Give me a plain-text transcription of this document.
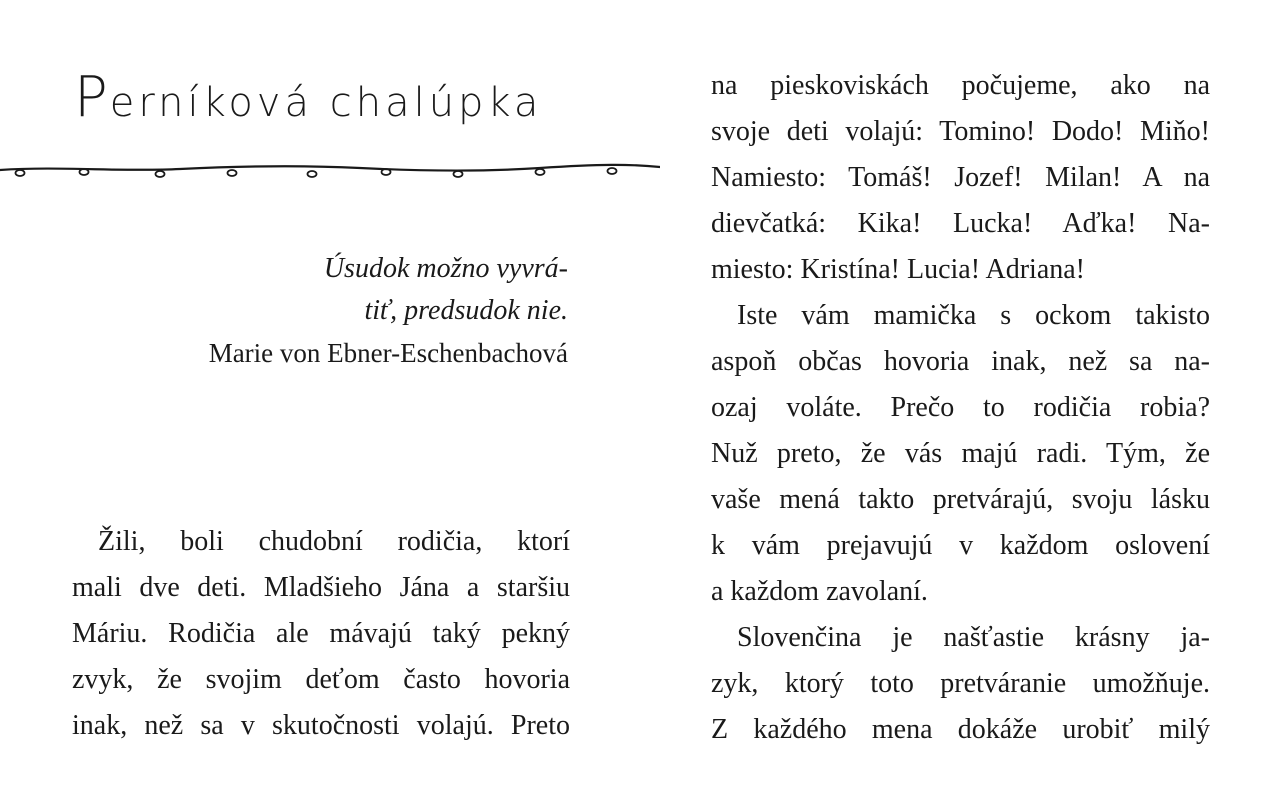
Perníková chalúpka
Úsudok možno vyvrá-
tiť, predsudok nie.
Marie von Ebner-Eschenbachová
Žili, boli chudobní rodičia, ktorí
mali dve deti. Mladšieho Jána a staršiu
Máriu. Rodičia ale mávajú taký pekný
zvyk, že svojim deťom často hovoria
inak, než sa v skutočnosti volajú. Preto
na pieskoviskách počujeme, ako na
svoje deti volajú: Tomino! Dodo! Miňo!
Namiesto: Tomáš! Jozef! Milan! A na
dievčatká: Kika! Lucka! Aďka! Na-
miesto: Kristína! Lucia! Adriana!
Iste vám mamička s ockom takisto
aspoň občas hovoria inak, než sa na-
ozaj voláte. Prečo to rodičia robia?
Nuž preto, že vás majú radi. Tým, že
vaše mená takto pretvárajú, svoju lásku
k vám prejavujú v každom oslovení
a každom zavolaní.
Slovenčina je našťastie krásny ja-
zyk, ktorý toto pretváranie umožňuje.
Z každého mena dokáže urobiť milý
